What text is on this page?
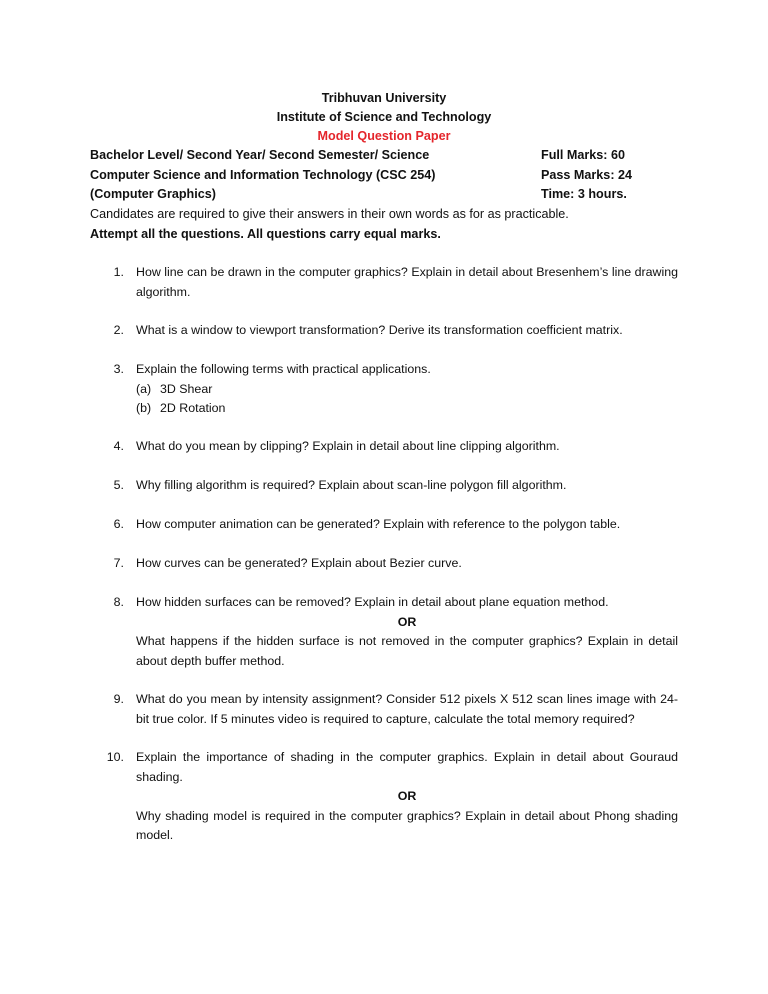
Tribhuvan University
Institute of Science and Technology
Model Question Paper
Bachelor Level/ Second Year/ Second Semester/ Science	Full Marks: 60
Computer Science and Information Technology (CSC 254)	Pass Marks: 24
(Computer Graphics)	Time: 3 hours.
Candidates are required to give their answers in their own words as for as practicable.
Attempt all the questions. All questions carry equal marks.
1. How line can be drawn in the computer graphics? Explain in detail about Bresenhem’s line drawing algorithm.
2. What is a window to viewport transformation? Derive its transformation coefficient matrix.
3. Explain the following terms with practical applications.
(a) 3D Shear
(b) 2D Rotation
4. What do you mean by clipping? Explain in detail about line clipping algorithm.
5. Why filling algorithm is required? Explain about scan-line polygon fill algorithm.
6. How computer animation can be generated? Explain with reference to the polygon table.
7. How curves can be generated? Explain about Bezier curve.
8. How hidden surfaces can be removed? Explain in detail about plane equation method.
OR
What happens if the hidden surface is not removed in the computer graphics? Explain in detail about depth buffer method.
9. What do you mean by intensity assignment? Consider 512 pixels X 512 scan lines image with 24-bit true color. If 5 minutes video is required to capture, calculate the total memory required?
10. Explain the importance of shading in the computer graphics. Explain in detail about Gouraud shading.
OR
Why shading model is required in the computer graphics? Explain in detail about Phong shading model.
